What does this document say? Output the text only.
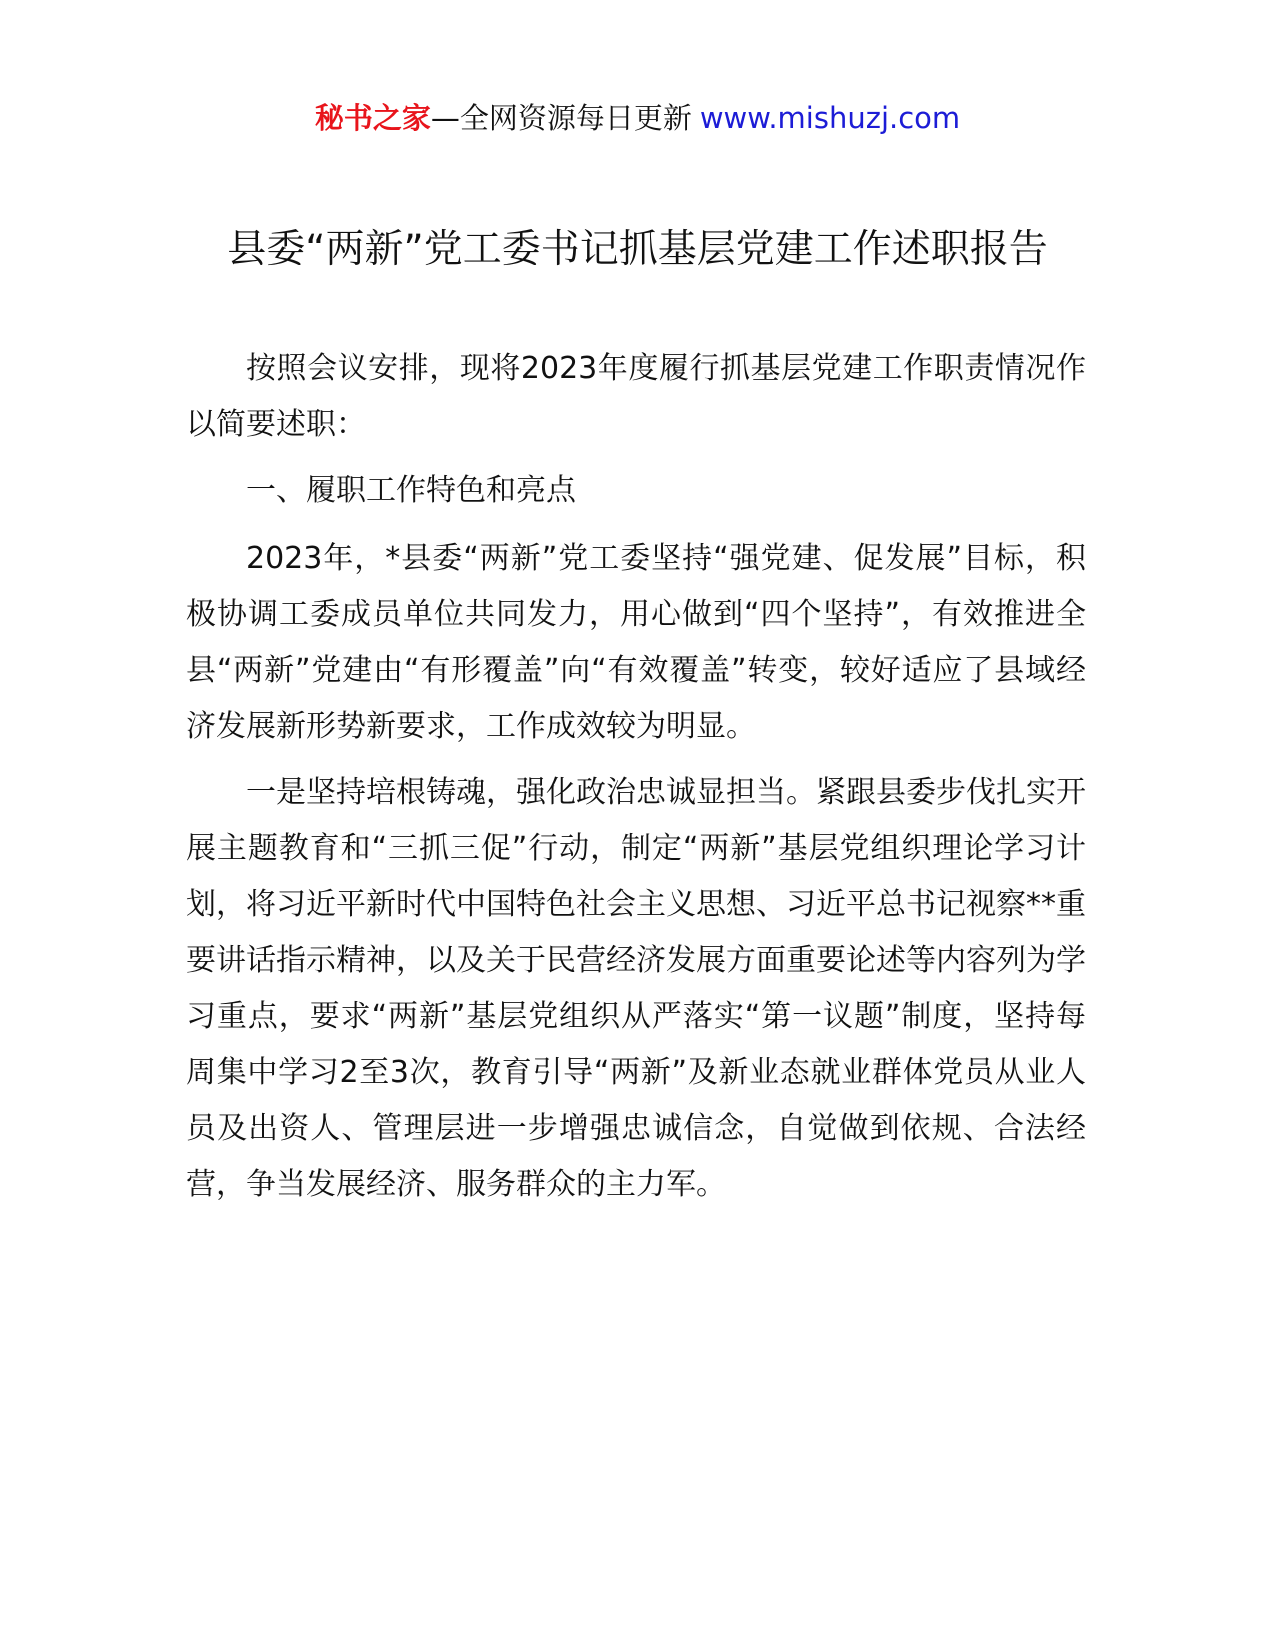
秘书之家—全网资源每日更新 www.mishuzj.com
县委“两新”党工委书记抓基层党建工作述职报告

按照会议安排，现将2023年度履行抓基层党建工作职责情况作以简要述职：

一、履职工作特色和亮点

2023年，*县委“两新”党工委坚持“强党建、促发展”目标，积极协调工委成员单位共同发力，用心做到“四个坚持”，有效推进全县“两新”党建由“有形覆盖”向“有效覆盖”转变，较好适应了县域经济发展新形势新要求，工作成效较为明显。

一是坚持培根铸魂，强化政治忠诚显担当。紧跟县委步伐扎实开展主题教育和“三抓三促”行动，制定“两新”基层党组织理论学习计划，将习近平新时代中国特色社会主义思想、习近平总书记视察**重要讲话指示精神，以及关于民营经济发展方面重要论述等内容列为学习重点，要求“两新”基层党组织从严落实“第一议题”制度，坚持每周集中学习2至3次，教育引导“两新”及新业态就业群体党员从业人员及出资人、管理层进一步增强忠诚信念，自觉做到依规、合法经营，争当发展经济、服务群众的主力军。
